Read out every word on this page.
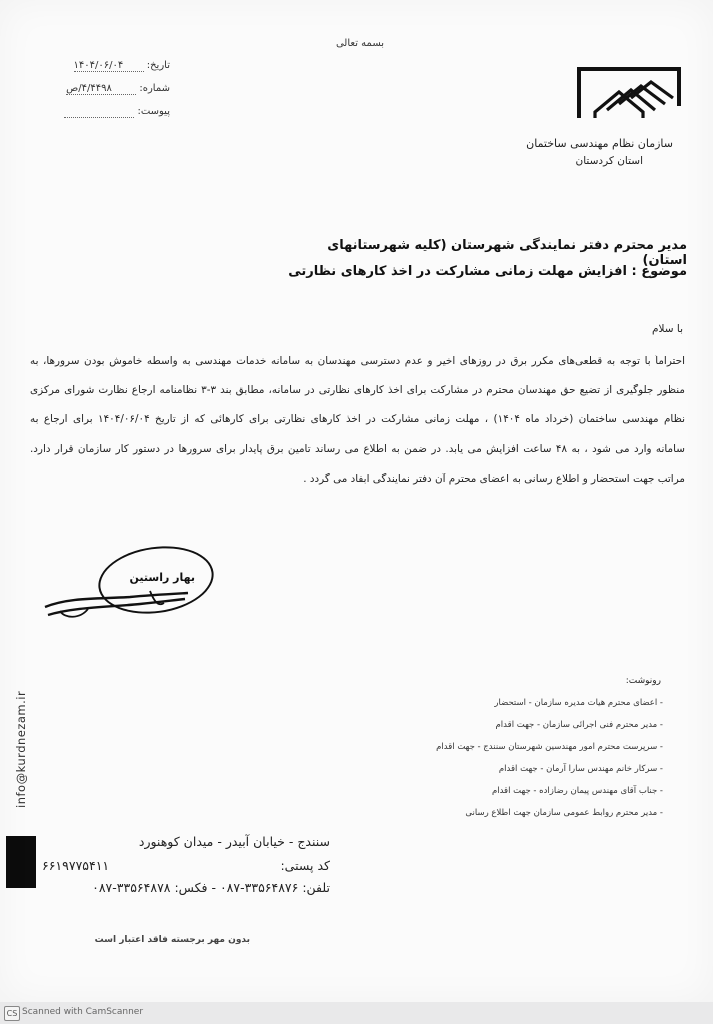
بسمه تعالی
تاریخ: ۱۴۰۴/۰۶/۰۴
شماره: ۴/۴۴۹۸/ص
پیوست:
سازمان نظام مهندسی ساختمان
استان کردستان
مدیر محترم دفتر نمایندگی شهرستان (کلیه شهرستانهای استان)
موضوع : افزایش مهلت زمانی مشارکت در اخذ کارهای نظارتی
با سلام
احتراماً با توجه به قطعی‌های مکرر برق در روزهای اخیر و عدم دسترسی مهندسان به سامانه خدمات مهندسی به واسطه خاموش بودن سرورها، به
منظور جلوگیری از تضیع حق مهندسان محترم در مشارکت برای اخذ کارهای نظارتی در سامانه، مطابق بند ۳-۳ نظامنامه ارجاع نظارت شورای مرکزی
نظام مهندسی ساختمان (خرداد ماه ۱۴۰۴) ، مهلت زمانی مشارکت در اخذ کارهای نظارتی برای کارهائی که از تاریخ ۱۴۰۴/۰۶/۰۴ برای ارجاع به
سامانه وارد می شود ، به ۴۸ ساعت افزایش می یابد. در ضمن به اطلاع می رساند تامین برق پایدار برای سرورها در دستور کار سازمان قرار دارد.
مراتب جهت استحضار و اطلاع رسانی به اعضای محترم آن دفتر نمایندگی ابفاد می گردد .
بهار راستین
info@kurdnezam.ir
رونوشت:
- اعضای محترم هیات مدیره سازمان - استحضار
- مدیر محترم فنی اجرائی سازمان - جهت اقدام
- سرپرست محترم امور مهندسین شهرستان سنندج - جهت اقدام
- سرکار خانم مهندس سارا آرمان - جهت اقدام
- جناب آقای مهندس پیمان رضازاده - جهت اقدام
- مدیر محترم روابط عمومی سازمان جهت اطلاع رسانی
سنندج - خیابان آبیدر - میدان کوهنورد
۶۶۱۹۷۷۵۴۱۱	کد پستی:
تلفن: ۳۳۵۶۴۸۷۶-۰۸۷ - فکس: ۳۳۵۶۴۸۷۸-۰۸۷
بدون مهر برجسته فاقد اعتبار است
CS Scanned with CamScanner
